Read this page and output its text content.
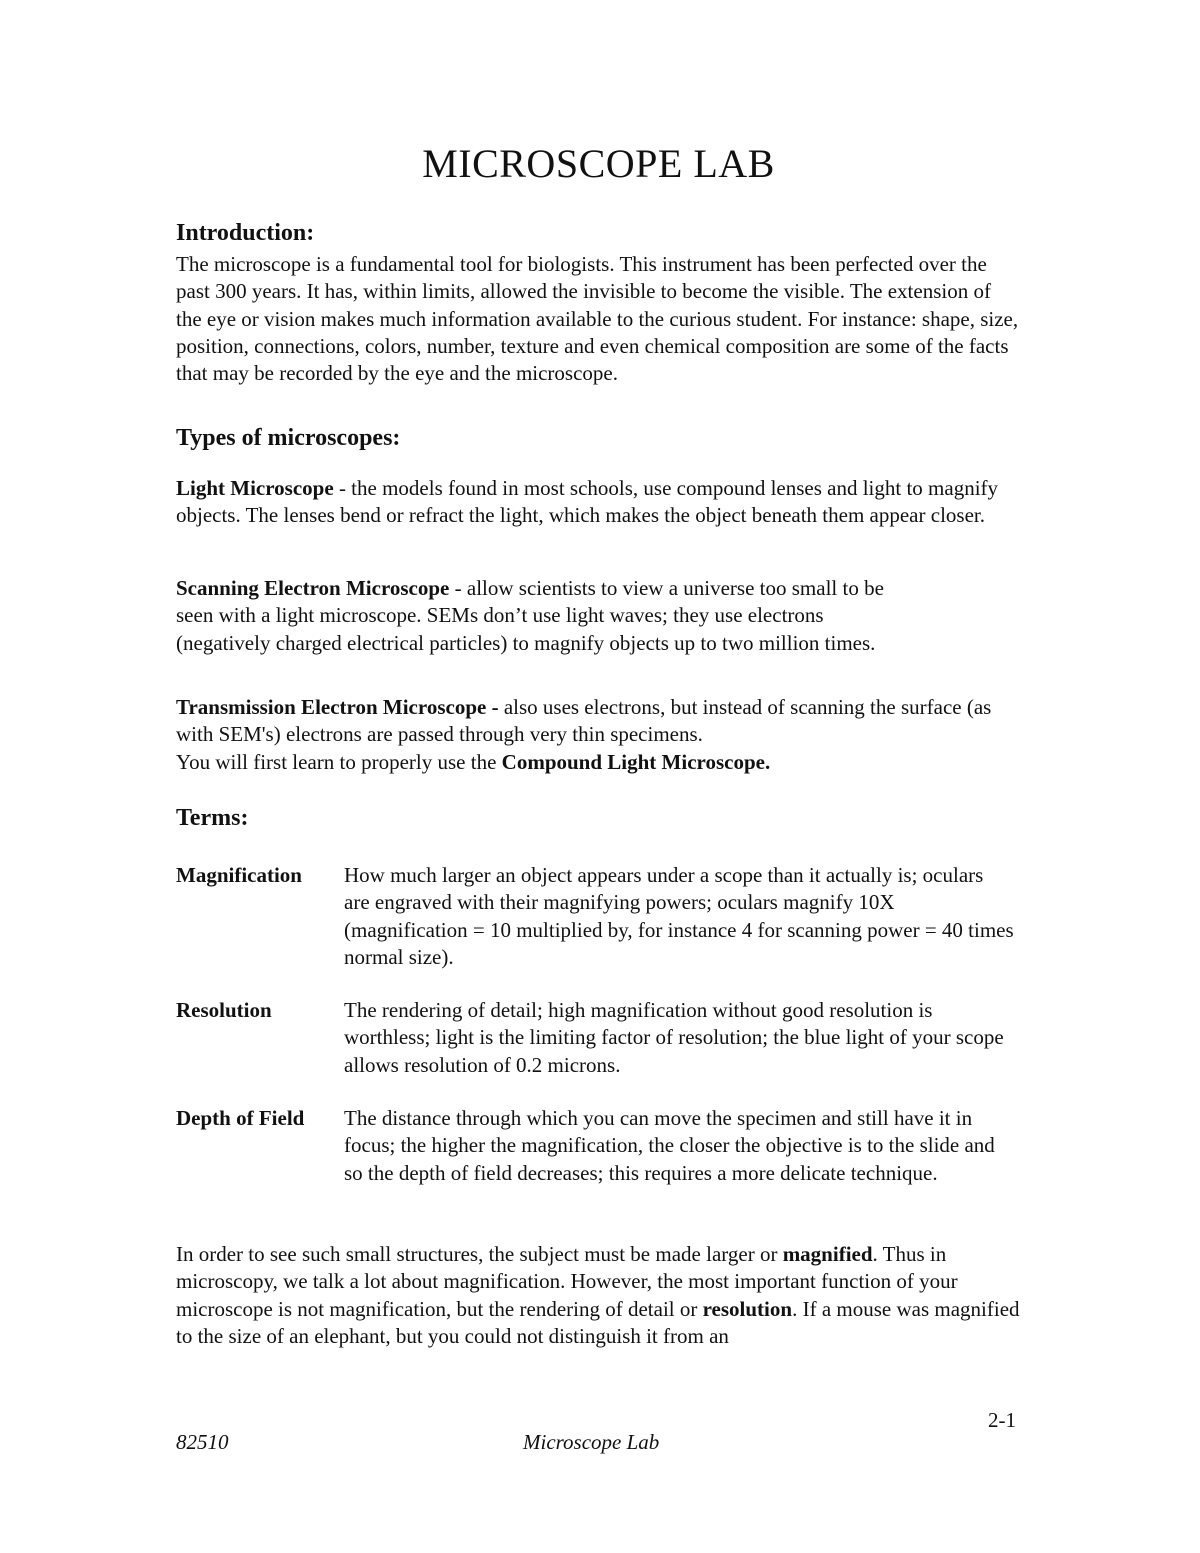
MICROSCOPE LAB
Introduction:

The microscope is a fundamental tool for biologists. This instrument has been perfected over the past 300 years. It has, within limits, allowed the invisible to become the visible. The extension of the eye or vision makes much information available to the curious student. For instance: shape, size, position, connections, colors, number, texture and even chemical composition are some of the facts that may be recorded by the eye and the microscope.

Types of microscopes:

Light Microscope - the models found in most schools, use compound lenses and light to magnify objects. The lenses bend or refract the light, which makes the object beneath them appear closer.

Scanning Electron Microscope - allow scientists to view a universe too small to be seen with a light microscope. SEMs don’t use light waves; they use electrons (negatively charged electrical particles) to magnify objects up to two million times.

Transmission Electron Microscope - also uses electrons, but instead of scanning the surface (as with SEM's) electrons are passed through very thin specimens.
You will first learn to properly use the Compound Light Microscope.

Terms:
Magnification How much larger an object appears under a scope than it actually is; oculars are engraved with their magnifying powers; oculars magnify 10X (magnification = 10 multiplied by, for instance 4 for scanning power = 40 times normal size).
Resolution	The rendering of detail; high magnification without good resolution is worthless; light is the limiting factor of resolution; the blue light of your scope allows resolution of 0.2 microns.
Depth of Field The distance through which you can move the specimen and still have it in focus; the higher the magnification, the closer the objective is to the slide and so the depth of field decreases; this requires a more delicate technique.

In order to see such small structures, the subject must be made larger or magnified. Thus in microscopy, we talk a lot about magnification. However, the most important function of your microscope is not magnification, but the rendering of detail or resolution. If a mouse was magnified to the size of an elephant, but you could not distinguish it from an

2-1
82510	Microscope Lab
